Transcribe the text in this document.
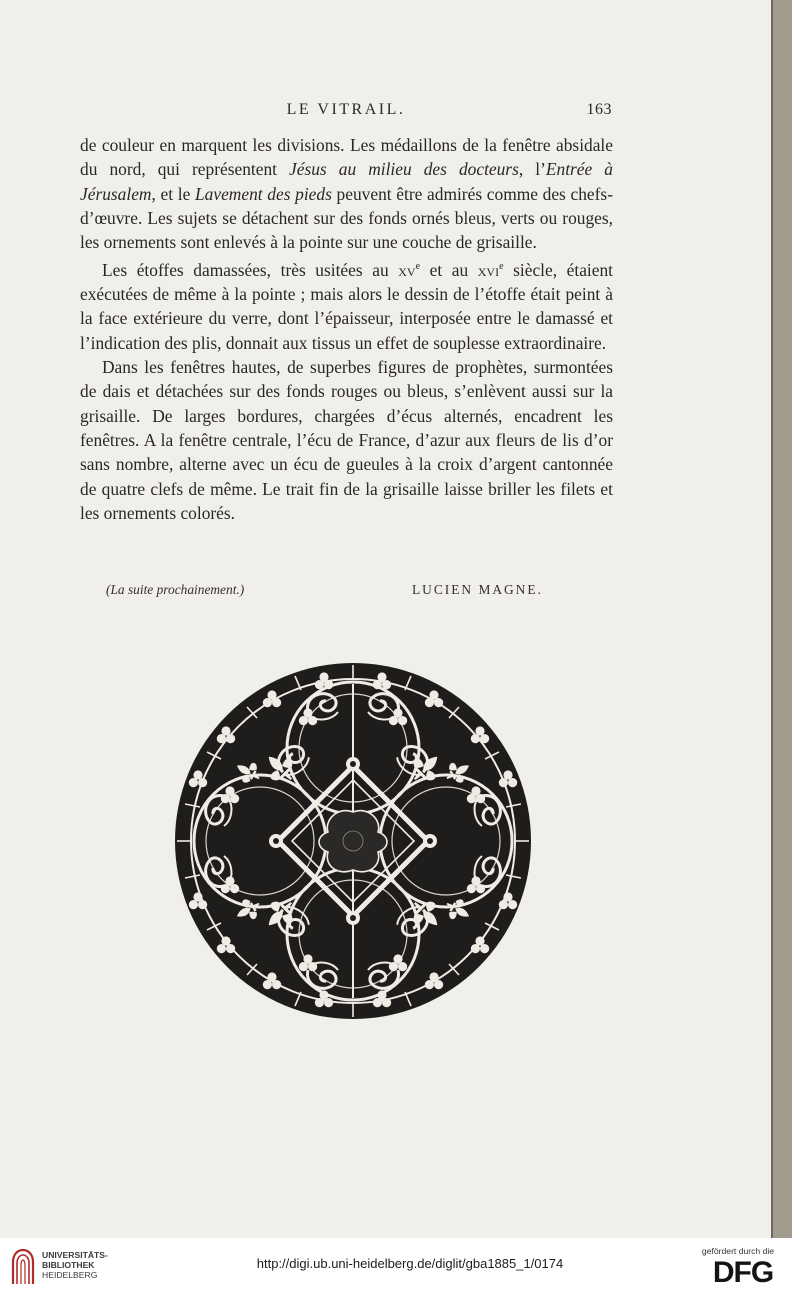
LE VITRAIL.	163

de couleur en marquent les divisions. Les médaillons de la fenêtre absidale du nord, qui représentent Jésus au milieu des docteurs, l’Entrée à Jérusalem, et le Lavement des pieds peuvent être admirés comme des chefs-d’œuvre. Les sujets se détachent sur des fonds ornés bleus, verts ou rouges, les ornements sont enlevés à la pointe sur une couche de grisaille.

Les étoffes damassées, très usitées au $xv^e$ et au xvi$^e$ siècle, étaient exécutées de même à la pointe ; mais alors le dessin de l’étoffe était peint à la face extérieure du verre, dont l’épaisseur, interposée entre le damassé et l’indication des plis, donnait aux tissus un effet de souplesse extraordinaire.

Dans les fenêtres hautes, de superbes figures de prophètes, surmontées de dais et détachées sur des fonds rouges ou bleus, s’enlèvent aussi sur la grisaille. De larges bordures, chargées d’écus alternés, encadrent les fenêtres. A la fenêtre centrale, l’écu de France, d’azur aux fleurs de lis d’or sans nombre, alterne avec un écu de gueules à la croix d’argent cantonnée de quatre clefs de même. Le trait fin de la grisaille laisse briller les filets et les ornements colorés.

(La suite prochainement.)	LUCIEN MAGNE.
UNIVERSITÄTS-
BIBLIOTHEK
HEIDELBERG
http://digi.ub.uni-heidelberg.de/diglit/gba1885_1/0174
gefördert durch die
DFG
